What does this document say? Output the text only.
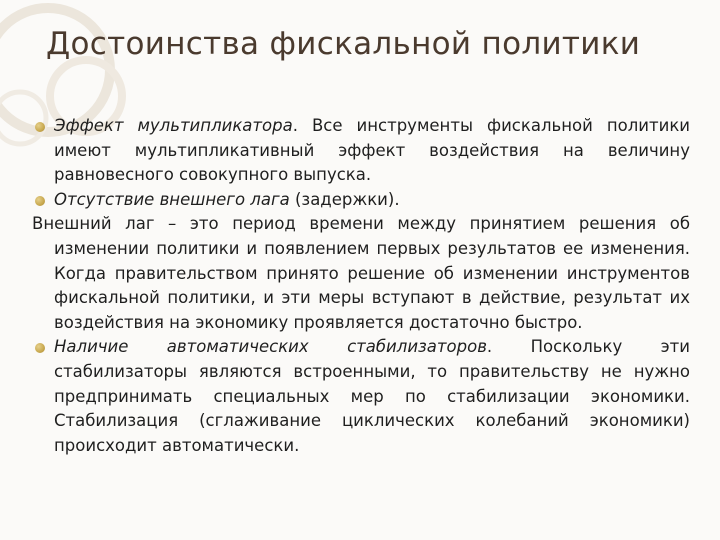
Достоинства фискальной политики
Эффект мультипликатора. Все инструменты фискальной политики имеют мультипликативный эффект воздействия на величину равновесного совокупного выпуска.
Отсутствие внешнего лага (задержки).
Внешний лаг – это период времени между принятием решения об изменении политики и появлением первых результатов ее изменения. Когда правительством принято решение об изменении инструментов фискальной политики, и эти меры вступают в действие, результат их воздействия на экономику проявляется достаточно быстро.
Наличие автоматических стабилизаторов. Поскольку эти стабилизаторы являются встроенными, то правительству не нужно предпринимать специальных мер по стабилизации экономики. Стабилизация (сглаживание циклических колебаний экономики) происходит автоматически.
